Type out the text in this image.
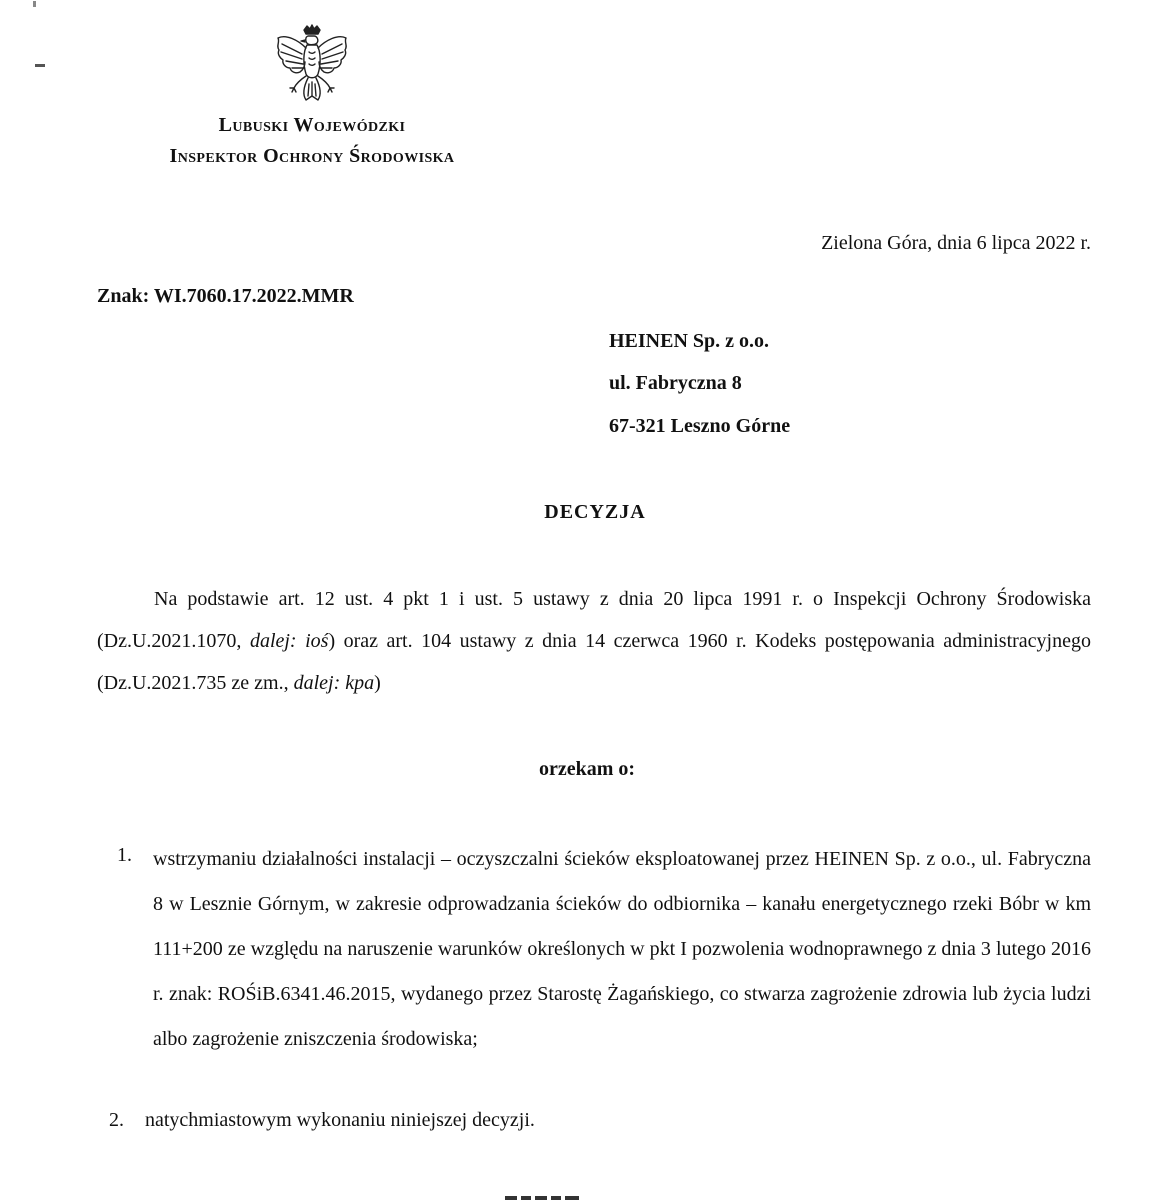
Lubuski Wojewódzki
Inspektor Ochrony Środowiska
Zielona Góra, dnia 6 lipca 2022 r.
Znak: WI.7060.17.2022.MMR
HEINEN Sp. z o.o.
ul. Fabryczna 8
67-321 Leszno Górne
DECYZJA

Na podstawie art. 12 ust. 4 pkt 1 i ust. 5 ustawy z dnia 20 lipca 1991 r. o Inspekcji Ochrony Środowiska (Dz.U.2021.1070, dalej: ioś) oraz art. 104 ustawy z dnia 14 czerwca 1960 r. Kodeks postępowania administracyjnego (Dz.U.2021.735 ze zm., dalej: kpa)

orzekam o:
1. wstrzymaniu działalności instalacji – oczyszczalni ścieków eksploatowanej przez HEINEN Sp. z o.o., ul. Fabryczna 8 w Lesznie Górnym, w zakresie odprowadzania ścieków do odbiornika – kanału energetycznego rzeki Bóbr w km 111+200 ze względu na naruszenie warunków określonych w pkt I pozwolenia wodnoprawnego z dnia 3 lutego 2016 r. znak: ROŚiB.6341.46.2015, wydanego przez Starostę Żagańskiego, co stwarza zagrożenie zdrowia lub życia ludzi albo zagrożenie zniszczenia środowiska;

2. natychmiastowym wykonaniu niniejszej decyzji.
